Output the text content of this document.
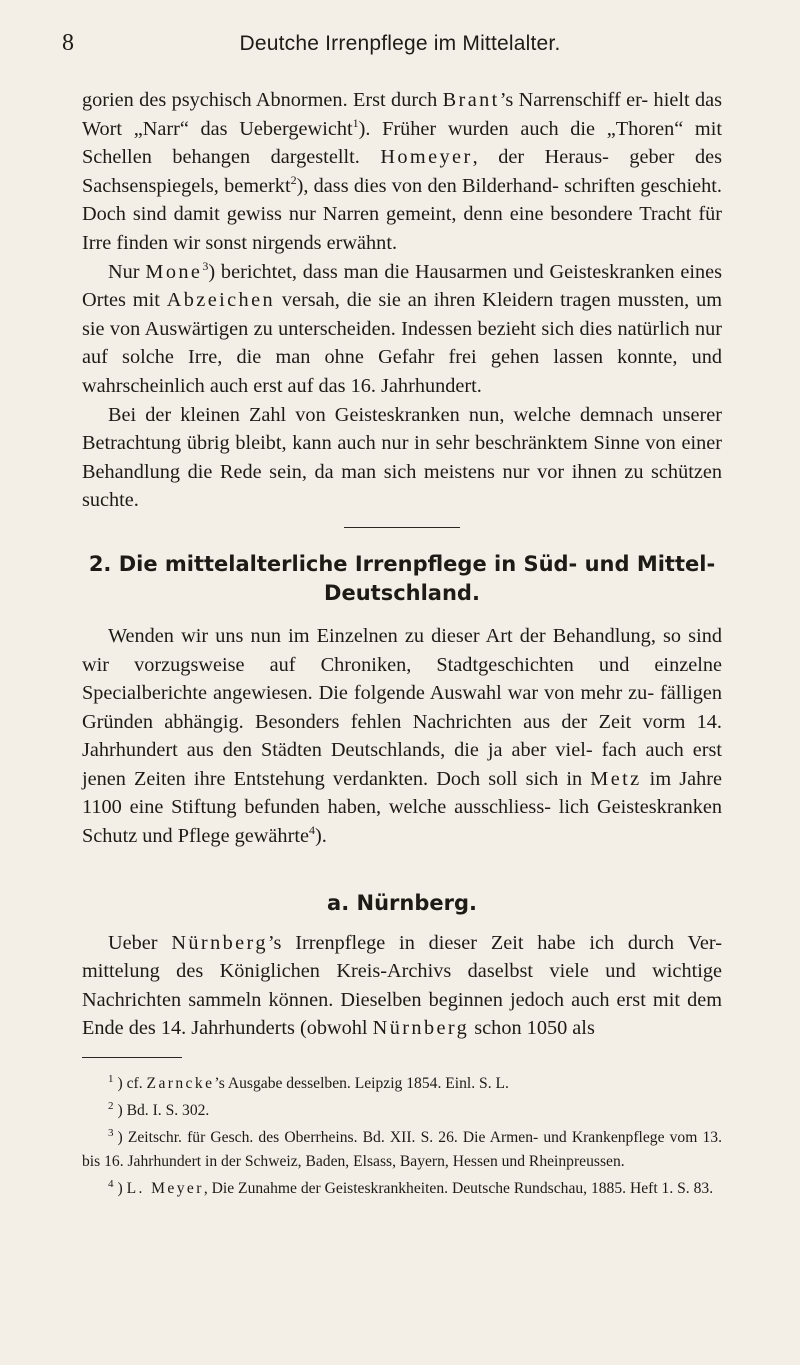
8	Deutche Irrenpflege im Mittelalter.

gorien des psychisch Abnormen. Erst durch Brant’s Narrenschiff er- hielt das Wort „Narr“ das Uebergewicht$^1$). Früher wurden auch die „Thoren“ mit Schellen behangen dargestellt. Homeyer, der Heraus- geber des Sachsenspiegels, bemerkt$^2$), dass dies von den Bilderhand- schriften geschieht. Doch sind damit gewiss nur Narren gemeint, denn eine besondere Tracht für Irre finden wir sonst nirgends erwähnt.

Nur Mone$^3$) berichtet, dass man die Hausarmen und Geisteskranken eines Ortes mit Abzeichen versah, die sie an ihren Kleidern tragen mussten, um sie von Auswärtigen zu unterscheiden. Indessen bezieht sich dies natürlich nur auf solche Irre, die man ohne Gefahr frei gehen lassen konnte, und wahrscheinlich auch erst auf das 16. Jahrhundert.

Bei der kleinen Zahl von Geisteskranken nun, welche demnach unserer Betrachtung übrig bleibt, kann auch nur in sehr beschränktem Sinne von einer Behandlung die Rede sein, da man sich meistens nur vor ihnen zu schützen suchte.

2. Die mittelalterliche Irrenpflege in Süd- und Mittel- Deutschland.

Wenden wir uns nun im Einzelnen zu dieser Art der Behandlung, so sind wir vorzugsweise auf Chroniken, Stadtgeschichten und einzelne Specialberichte angewiesen. Die folgende Auswahl war von mehr zu- fälligen Gründen abhängig. Besonders fehlen Nachrichten aus der Zeit vorm 14. Jahrhundert aus den Städten Deutschlands, die ja aber viel- fach auch erst jenen Zeiten ihre Entstehung verdankten. Doch soll sich in Metz im Jahre 1100 eine Stiftung befunden haben, welche ausschliess- lich Geisteskranken Schutz und Pflege gewährte$^4$).

a. Nürnberg.

Ueber Nürnberg’s Irrenpflege in dieser Zeit habe ich durch Ver- mittelung des Königlichen Kreis-Archivs daselbst viele und wichtige Nachrichten sammeln können. Dieselben beginnen jedoch auch erst mit dem Ende des 14. Jahrhunderts (obwohl Nürnberg schon 1050 als

$^1$ ) cf. Zarncke’s Ausgabe desselben. Leipzig 1854. Einl. S. L.

$^2$ ) Bd. I. S. 302.

$^3$ ) Zeitschr. für Gesch. des Oberrheins. Bd. XII. S. 26. Die Armen- und Krankenpflege vom 13. bis 16. Jahrhundert in der Schweiz, Baden, Elsass, Bayern, Hessen und Rheinpreussen.

$^4$ ) L. Meyer, Die Zunahme der Geisteskrankheiten. Deutsche Rundschau, 1885. Heft 1. S. 83.
